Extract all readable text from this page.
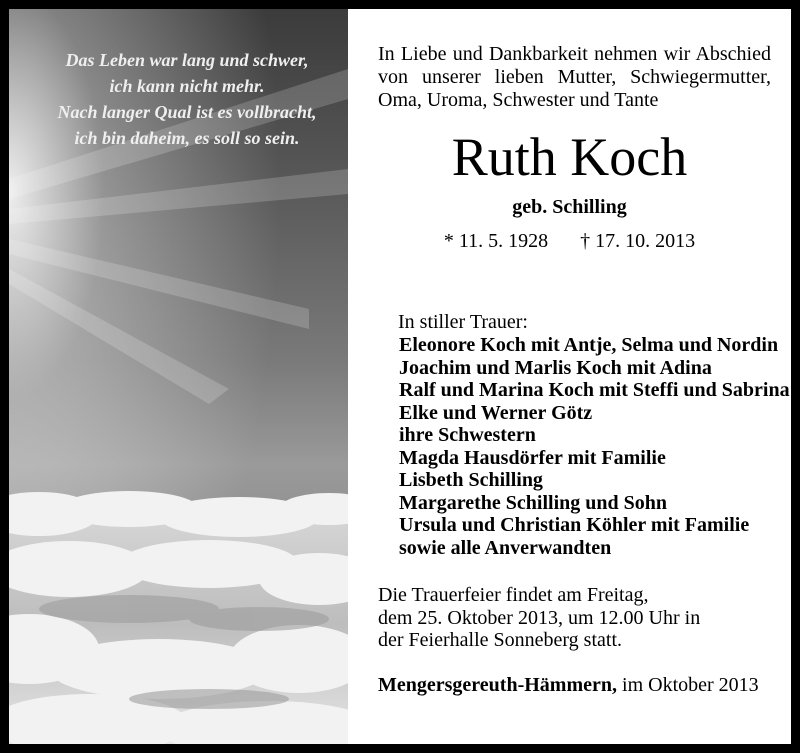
Das Leben war lang und schwer,
ich kann nicht mehr.
Nach langer Qual ist es vollbracht,
ich bin daheim, es soll so sein.
In Liebe und Dankbarkeit nehmen wir Abschied von unserer lieben Mutter, Schwiegermutter, Oma, Uroma, Schwester und Tante
Ruth Koch
geb. Schilling
* 11. 5. 1928 † 17. 10. 2013
In stiller Trauer:
Eleonore Koch mit Antje, Selma und Nordin
Joachim und Marlis Koch mit Adina
Ralf und Marina Koch mit Steffi und Sabrina
Elke und Werner Götz
ihre Schwestern
Magda Hausdörfer mit Familie
Lisbeth Schilling
Margarethe Schilling und Sohn
Ursula und Christian Köhler mit Familie
sowie alle Anverwandten
Die Trauerfeier findet am Freitag,
dem 25. Oktober 2013, um 12.00 Uhr in
der Feierhalle Sonneberg statt.
Mengersgereuth-Hämmern, im Oktober 2013
